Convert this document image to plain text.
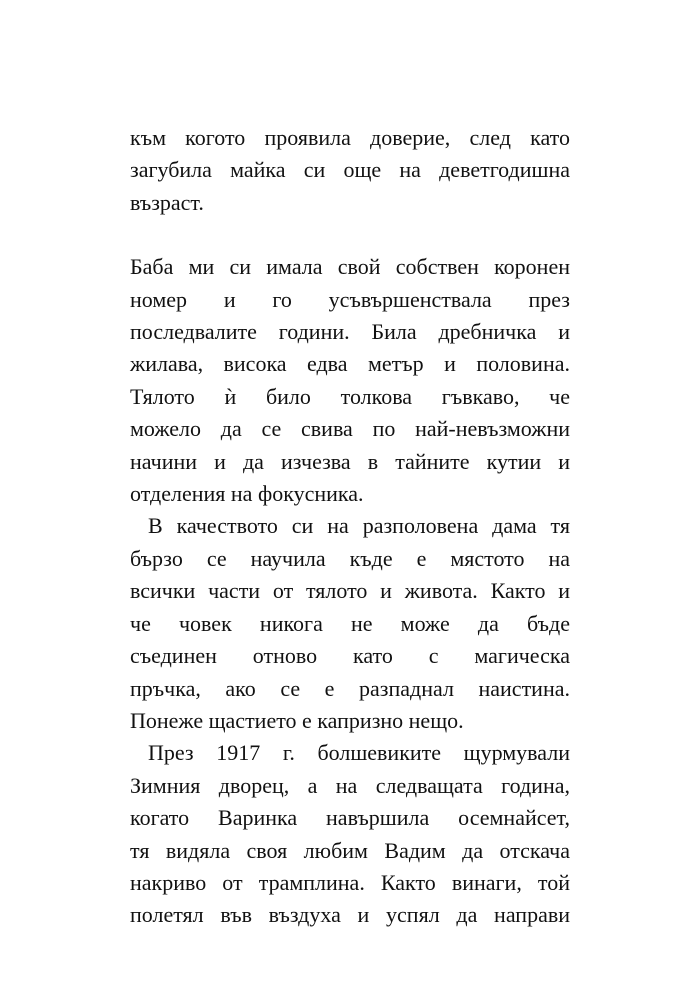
към когото проявила доверие, след като
загубила майка си още на деветгодишна
възраст.

Баба ми си имала свой собствен коронен
номер и го усъвършенствала през
последвалите години. Била дребничка и
жилава, висока едва метър и половина.
Тялото ѝ било толкова гъвкаво, че
можело да се свива по най-невъзможни
начини и да изчезва в тайните кутии и
отделения на фокусника.

В качеството си на разполовена дама тя
бързо се научила къде е мястото на
всички части от тялото и живота. Както и
че човек никога не може да бъде
съединен отново като с магическа
пръчка, ако се е разпаднал наистина.
Понеже щастието е капризно нещо.

През 1917 г. болшевиките щурмували
Зимния дворец, а на следващата година,
когато Варинка навършила осемнайсет,
тя видяла своя любим Вадим да отскача
накриво от трамплина. Както винаги, той
полетял във въздуха и успял да направи
